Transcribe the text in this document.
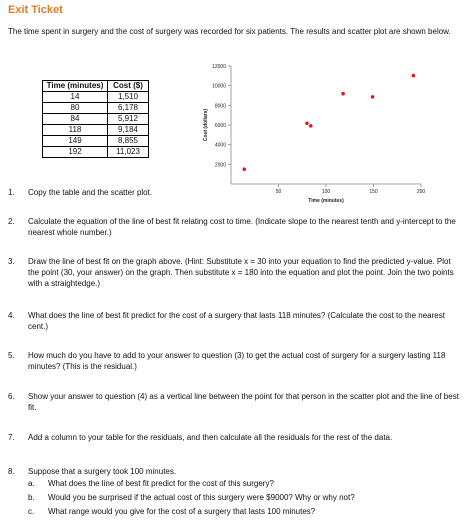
Exit Ticket
The time spent in surgery and the cost of surgery was recorded for six patients. The results and scatter plot are shown below.
Time (minutes)	Cost ($)
14	1,510
80	6,178
84	5,912
118	9,184
149	8,855
192	11,023
2000
4000
6000
8000
10000
12000
50	100	150	200
Time (minutes)
Cost (dollars)
1. Copy the table and the scatter plot.
2. Calculate the equation of the line of best fit relating cost to time. (Indicate slope to the nearest tenth and y-intercept to the nearest whole number.)
3. Draw the line of best fit on the graph above. (Hint: Substitute x = 30 into your equation to find the predicted y-value. Plot the point (30, your answer) on the graph. Then substitute x = 180 into the equation and plot the point. Join the two points with a straightedge.)
4. What does the line of best fit predict for the cost of a surgery that lasts 118 minutes? (Calculate the cost to the nearest cent.)
5. How much do you have to add to your answer to question (3) to get the actual cost of surgery for a surgery lasting 118 minutes? (This is the residual.)
6. Show your answer to question (4) as a vertical line between the point for that person in the scatter plot and the line of best fit.
7. Add a column to your table for the residuals, and then calculate all the residuals for the rest of the data.
8. Suppose that a surgery took 100 minutes.
a. What does the line of best fit predict for the cost of this surgery?
b. Would you be surprised if the actual cost of this surgery were $9000? Why or why not?
c. What range would you give for the cost of a surgery that lasts 100 minutes?
